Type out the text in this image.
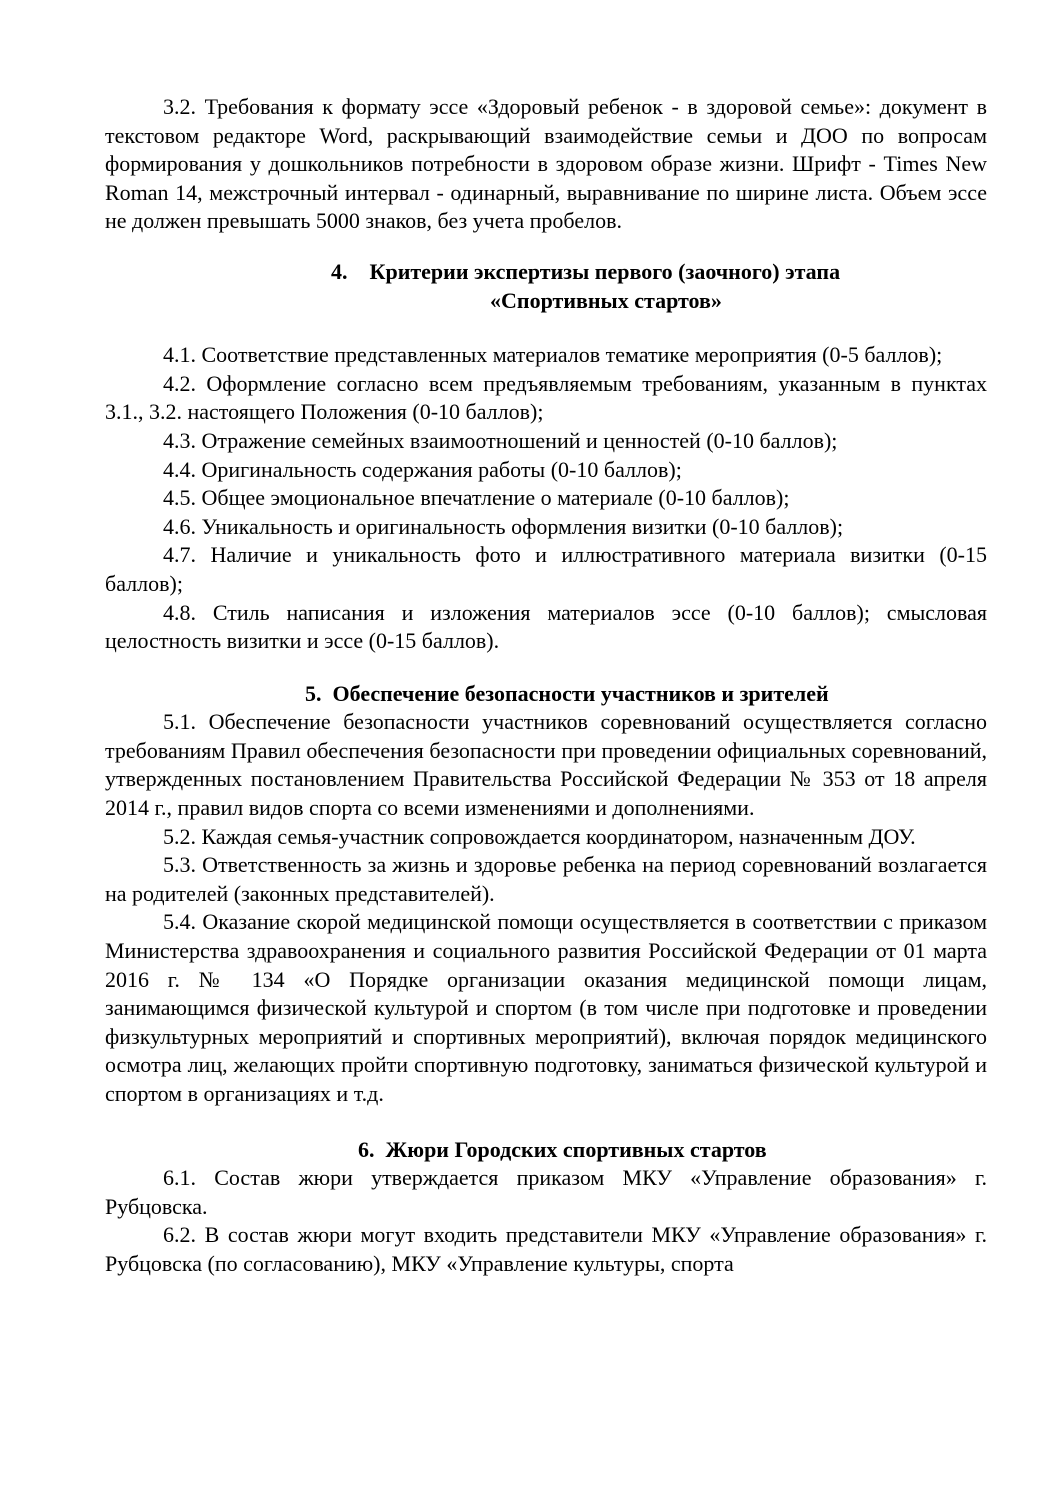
3.2. Требования к формату эссе «Здоровый ребенок - в здоровой семье»: документ в текстовом редакторе Word, раскрывающий взаимодействие семьи и ДОО по вопросам формирования у дошкольников потребности в здоровом образе жизни. Шрифт - Times New Roman 14, межстрочный интервал - одинарный, выравнивание по ширине листа. Объем эссе не должен превышать 5000 знаков, без учета пробелов.

4. Критерии экспертизы первого (заочного) этапа
«Спортивных стартов»

4.1. Соответствие представленных материалов тематике мероприятия (0-5 баллов);

4.2. Оформление согласно всем предъявляемым требованиям, указанным в пунктах 3.1., 3.2. настоящего Положения (0-10 баллов);

4.3. Отражение семейных взаимоотношений и ценностей (0-10 баллов);

4.4. Оригинальность содержания работы (0-10 баллов);

4.5. Общее эмоциональное впечатление о материале (0-10 баллов);

4.6. Уникальность и оригинальность оформления визитки (0-10 баллов);

4.7. Наличие и уникальность фото и иллюстративного материала визитки (0-15 баллов);

4.8. Стиль написания и изложения материалов эссе (0-10 баллов); смысловая целостность визитки и эссе (0-15 баллов).

5. Обеспечение безопасности участников и зрителей

5.1. Обеспечение безопасности участников соревнований осуществляется согласно требованиям Правил обеспечения безопасности при проведении официальных соревнований, утвержденных постановлением Правительства Российской Федерации № 353 от 18 апреля 2014 г., правил видов спорта со всеми изменениями и дополнениями.

5.2. Каждая семья-участник сопровождается координатором, назначенным ДОУ.

5.3. Ответственность за жизнь и здоровье ребенка на период соревнований возлагается на родителей (законных представителей).

5.4. Оказание скорой медицинской помощи осуществляется в соответствии с приказом Министерства здравоохранения и социального развития Российской Федерации от 01 марта 2016 г. № 134 «О Порядке организации оказания медицинской помощи лицам, занимающимся физической культурой и спортом (в том числе при подготовке и проведении физкультурных мероприятий и спортивных мероприятий), включая порядок медицинского осмотра лиц, желающих пройти спортивную подготовку, заниматься физической культурой и спортом в организациях и т.д.

6. Жюри Городских спортивных стартов

6.1. Состав жюри утверждается приказом МКУ «Управление образования» г. Рубцовска.

6.2. В состав жюри могут входить представители МКУ «Управление образования» г. Рубцовска (по согласованию), МКУ «Управление культуры, спорта
